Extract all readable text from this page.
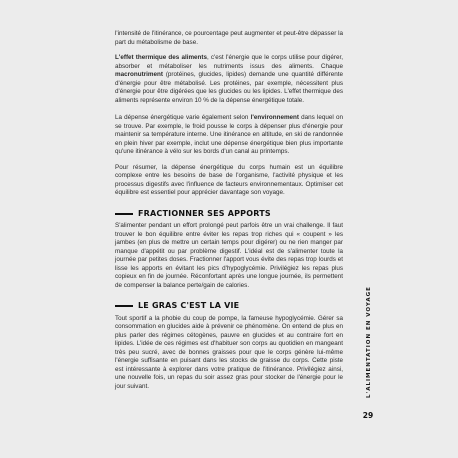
l'intensité de l'itinérance, ce pourcentage peut augmenter et peut-être dépasser la part du métabolisme de base.

L'effet thermique des aliments, c'est l'énergie que le corps utilise pour digérer, absorber et métaboliser les nutriments issus des aliments. Chaque macronutriment (protéines, glucides, lipides) demande une quantité différente d'énergie pour être métabolisé. Les protéines, par exemple, nécessitent plus d'énergie pour être digérées que les glucides ou les lipides. L'effet thermique des aliments représente environ 10 % de la dépense énergétique totale.

La dépense énergétique varie également selon l'environnement dans lequel on se trouve. Par exemple, le froid pousse le corps à dépenser plus d'énergie pour maintenir sa température interne. Une itinérance en altitude, en ski de randonnée en plein hiver par exemple, inclut une dépense énergétique bien plus importante qu'une itinérance à vélo sur les bords d'un canal au printemps.

Pour résumer, la dépense énergétique du corps humain est un équilibre complexe entre les besoins de base de l'organisme, l'activité physique et les processus digestifs avec l'influence de facteurs environnementaux. Optimiser cet équilibre est essentiel pour apprécier davantage son voyage.

FRACTIONNER SES APPORTS

S'alimenter pendant un effort prolongé peut parfois être un vrai challenge. Il faut trouver le bon équilibre entre éviter les repas trop riches qui « coupent » les jambes (en plus de mettre un certain temps pour digérer) ou ne rien manger par manque d'appétit ou par problème digestif. L'idéal est de s'alimenter toute la journée par petites doses. Fractionner l'apport vous évite des repas trop lourds et lisse les apports en évitant les pics d'hypoglycémie. Privilégiez les repas plus copieux en fin de journée. Réconfortant après une longue journée, ils permettent de compenser la balance perte/gain de calories.

LE GRAS C'EST LA VIE

Tout sportif a la phobie du coup de pompe, la fameuse hypoglycémie. Gérer sa consommation en glucides aide à prévenir ce phénomène. On entend de plus en plus parler des régimes cétogènes, pauvre en glucides et au contraire fort en lipides. L'idée de ces régimes est d'habituer son corps au quotidien en mangeant très peu sucré, avec de bonnes graisses pour que le corps génère lui-même l'énergie suffisante en puisant dans les stocks de graisse du corps. Cette piste est intéressante à explorer dans votre pratique de l'itinérance. Privilégiez ainsi, une nouvelle fois, un repas du soir assez gras pour stocker de l'énergie pour le jour suivant.	L'ALIMENTATION EN VOYAGE
29
